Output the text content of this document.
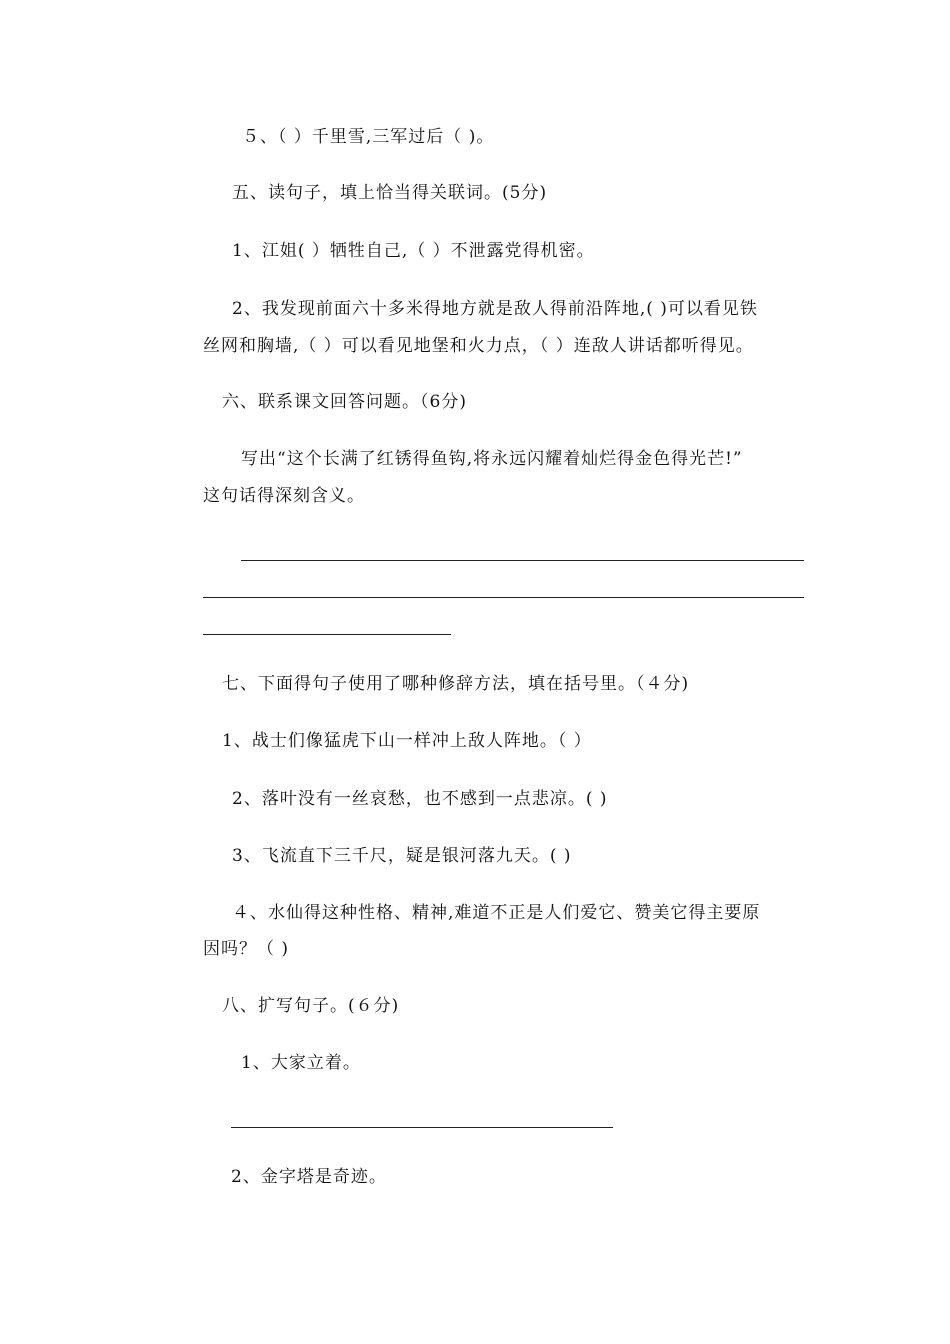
５、（ ）千里雪,三军过后（ )。
五、读句子，填上恰当得关联词。(5分)
1、江姐( ）牺牲自己,（ ）不泄露党得机密。
2、我发现前面六十多米得地方就是敌人得前沿阵地,( )可以看见铁
丝网和胸墙,（ ）可以看见地堡和火力点，（ ）连敌人讲话都听得见。
六、联系课文回答问题。（6分)
写出“这个长满了红锈得鱼钩,将永远闪耀着灿烂得金色得光芒!”
这句话得深刻含义。
七、下面得句子使用了哪种修辞方法，填在括号里。（４分)
1、战士们像猛虎下山一样冲上敌人阵地。（ ）
2、落叶没有一丝哀愁，也不感到一点悲凉。( )
3、飞流直下三千尺，疑是银河落九天。( )
４、水仙得这种性格、精神,难道不正是人们爱它、赞美它得主要原
因吗？（ )
八、扩写句子。(６分)
1、大家立着。
2、金字塔是奇迹。
